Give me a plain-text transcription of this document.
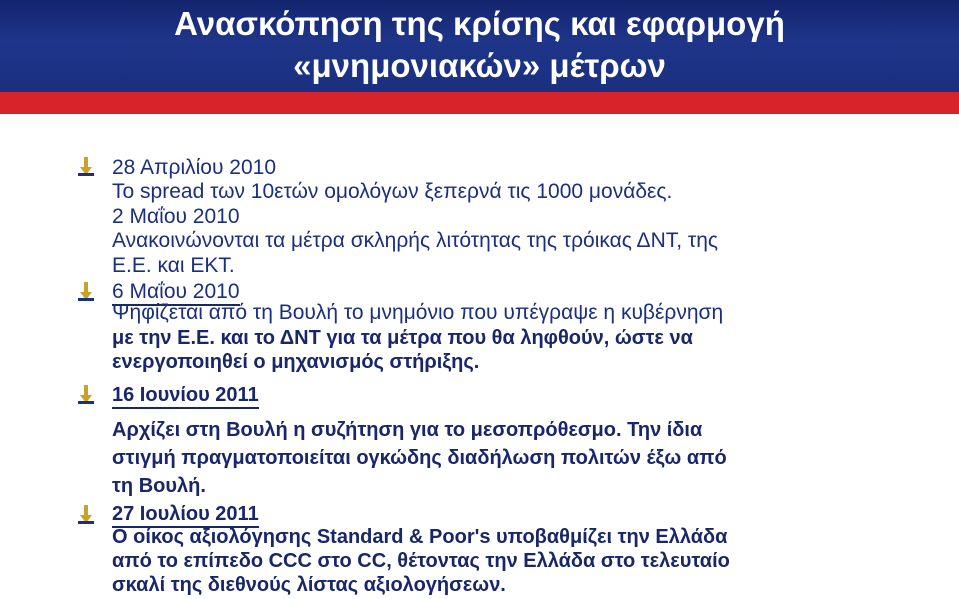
Ανασκόπηση της κρίσης και εφαρμογή
«μνημονιακών» μέτρων

28 Απριλίου 2010

Το spread των 10ετών ομολόγων ξεπερνά τις 1000 μονάδες.

2 Μαΐου 2010

Ανακοινώνονται τα μέτρα σκληρής λιτότητας της τρόικας ΔΝΤ, της

Ε.Ε. και ΕΚΤ.

6 Μαΐου 2010

Ψηφίζεται από τη Βουλή το μνημόνιο που υπέγραψε η κυβέρνηση

με την Ε.Ε. και το ΔΝΤ για τα μέτρα που θα ληφθούν, ώστε να

ενεργοποιηθεί ο μηχανισμός στήριξης.

16 Ιουνίου 2011

Αρχίζει στη Βουλή η συζήτηση για το μεσοπρόθεσμο. Την ίδια

στιγμή πραγματοποιείται ογκώδης διαδήλωση πολιτών έξω από

τη Βουλή.

27 Ιουλίου 2011

Ο οίκος αξιολόγησης Standard & Poor's υποβαθμίζει την Ελλάδα

από το επίπεδο CCC στο CC, θέτοντας την Ελλάδα στο τελευταίο

σκαλί της διεθνούς λίστας αξιολογήσεων.
